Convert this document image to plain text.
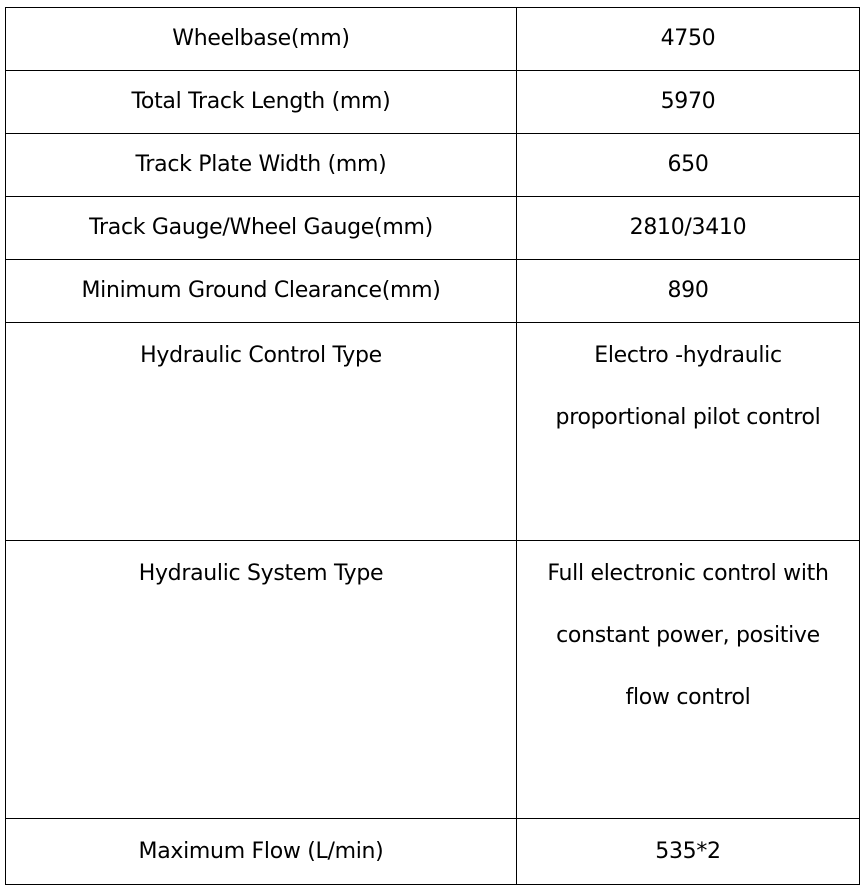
Wheelbase(mm)	4750

Total Track Length (mm)	5970

Track Plate Width (mm)	650

Track Gauge/Wheel Gauge(mm)	2810/3410

Minimum Ground Clearance(mm)	890

Hydraulic Control Type	Electro -hydraulic
proportional pilot control

Hydraulic System Type	Full electronic control with
constant power, positive
flow control

Maximum Flow (L/min)	535*2
